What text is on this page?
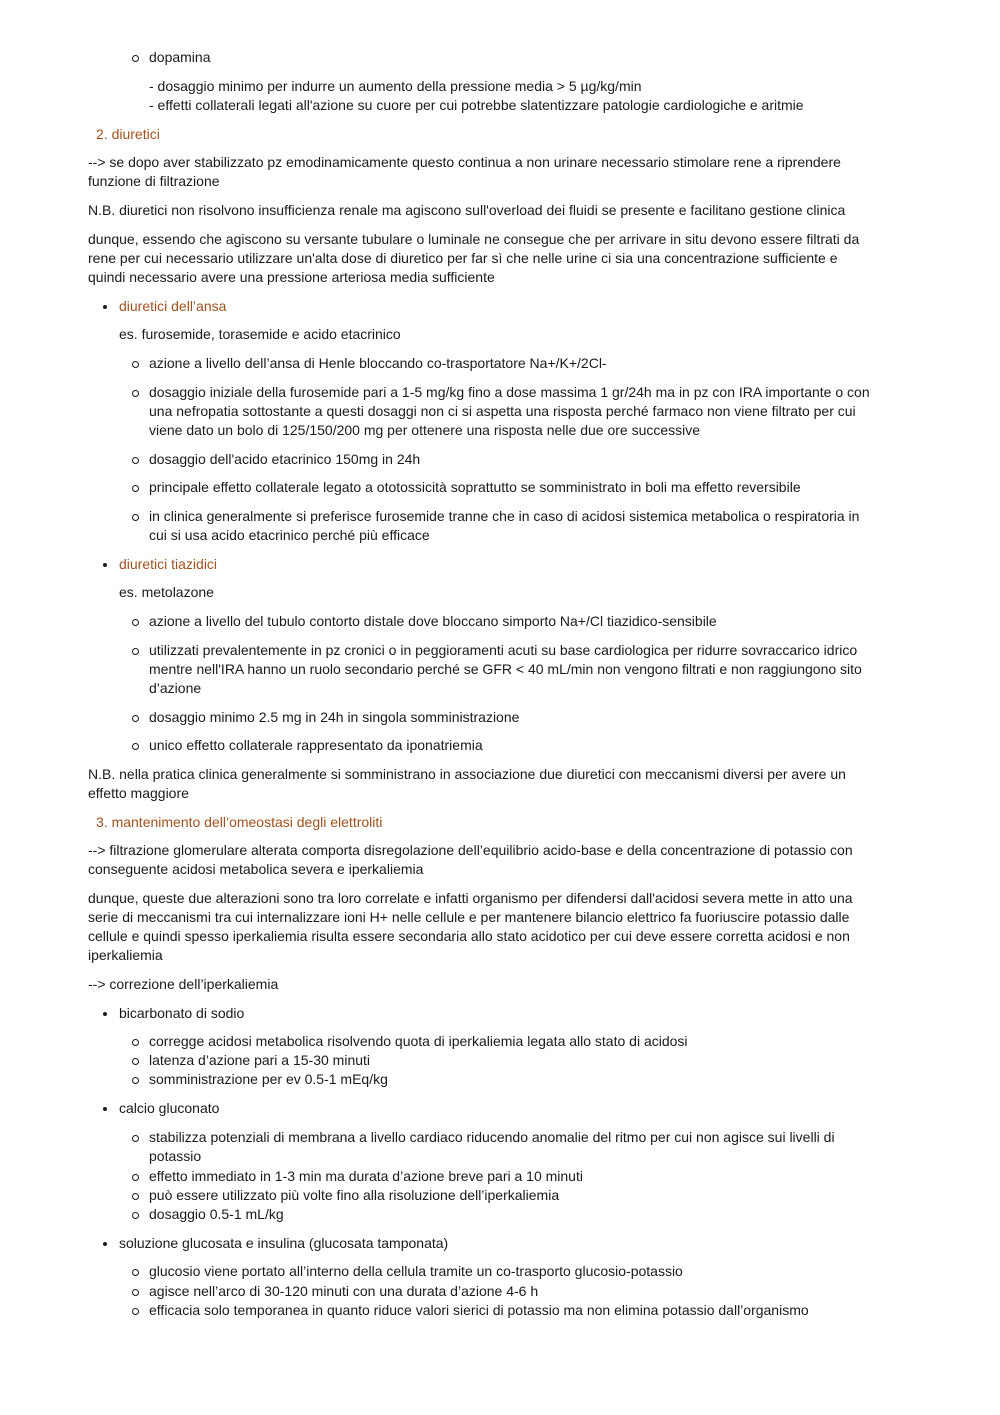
dopamina
- dosaggio minimo per indurre un aumento della pressione media > 5 µg/kg/min
- effetti collaterali legati all'azione su cuore per cui potrebbe slatentizzare patologie cardiologiche e aritmie
2. diuretici
--> se dopo aver stabilizzato pz emodinamicamente questo continua a non urinare necessario stimolare rene a riprendere
funzione di filtrazione
N.B. diuretici non risolvono insufficienza renale ma agiscono sull'overload dei fluidi se presente e facilitano gestione clinica
dunque, essendo che agiscono su versante tubulare o luminale ne consegue che per arrivare in situ devono essere filtrati da
rene per cui necessario utilizzare un'alta dose di diuretico per far sì che nelle urine ci sia una concentrazione sufficiente e
quindi necessario avere una pressione arteriosa media sufficiente
diuretici dell’ansa
es. furosemide, torasemide e acido etacrinico
azione a livello dell’ansa di Henle bloccando co-trasportatore Na+/K+/2Cl-
dosaggio iniziale della furosemide pari a 1-5 mg/kg fino a dose massima 1 gr/24h ma in pz con IRA importante o con
una nefropatia sottostante a questi dosaggi non ci si aspetta una risposta perché farmaco non viene filtrato per cui
viene dato un bolo di 125/150/200 mg per ottenere una risposta nelle due ore successive
dosaggio dell'acido etacrinico 150mg in 24h
principale effetto collaterale legato a ototossicità soprattutto se somministrato in boli ma effetto reversibile
in clinica generalmente si preferisce furosemide tranne che in caso di acidosi sistemica metabolica o respiratoria in
cui si usa acido etacrinico perché più efficace
diuretici tiazidici
es. metolazone
azione a livello del tubulo contorto distale dove bloccano simporto Na+/Cl tiazidico-sensibile
utilizzati prevalentemente in pz cronici o in peggioramenti acuti su base cardiologica per ridurre sovraccarico idrico
mentre nell'IRA hanno un ruolo secondario perché se GFR < 40 mL/min non vengono filtrati e non raggiungono sito
d’azione
dosaggio minimo 2.5 mg in 24h in singola somministrazione
unico effetto collaterale rappresentato da iponatriemia
N.B. nella pratica clinica generalmente si somministrano in associazione due diuretici con meccanismi diversi per avere un
effetto maggiore
3. mantenimento dell’omeostasi degli elettroliti
--> filtrazione glomerulare alterata comporta disregolazione dell’equilibrio acido-base e della concentrazione di potassio con
conseguente acidosi metabolica severa e iperkaliemia
dunque, queste due alterazioni sono tra loro correlate e infatti organismo per difendersi dall'acidosi severa mette in atto una
serie di meccanismi tra cui internalizzare ioni H+ nelle cellule e per mantenere bilancio elettrico fa fuoriuscire potassio dalle
cellule e quindi spesso iperkaliemia risulta essere secondaria allo stato acidotico per cui deve essere corretta acidosi e non
iperkaliemia
--> correzione dell’iperkaliemia
bicarbonato di sodio
corregge acidosi metabolica risolvendo quota di iperkaliemia legata allo stato di acidosi
latenza d’azione pari a 15-30 minuti
somministrazione per ev 0.5-1 mEq/kg
calcio gluconato
stabilizza potenziali di membrana a livello cardiaco riducendo anomalie del ritmo per cui non agisce sui livelli di
potassio
effetto immediato in 1-3 min ma durata d’azione breve pari a 10 minuti
può essere utilizzato più volte fino alla risoluzione dell’iperkaliemia
dosaggio 0.5-1 mL/kg
soluzione glucosata e insulina (glucosata tamponata)
glucosio viene portato all’interno della cellula tramite un co-trasporto glucosio-potassio
agisce nell’arco di 30-120 minuti con una durata d’azione 4-6 h
efficacia solo temporanea in quanto riduce valori sierici di potassio ma non elimina potassio dall’organismo
